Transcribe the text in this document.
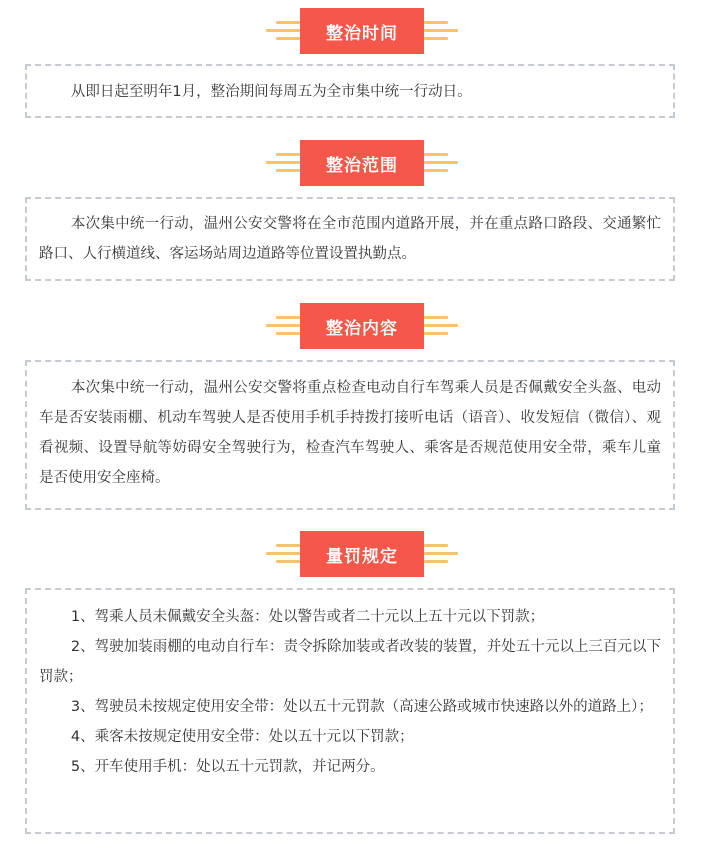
整治时间

从即日起至明年1月，整治期间每周五为全市集中统一行动日。

整治范围

本次集中统一行动，温州公安交警将在全市范围内道路开展，并在重点路口路段、交通繁忙路口、人行横道线、客运场站周边道路等位置设置执勤点。

整治内容

本次集中统一行动，温州公安交警将重点检查电动自行车驾乘人员是否佩戴安全头盔、电动车是否安装雨棚、机动车驾驶人是否使用手机手持拨打接听电话（语音）、收发短信（微信）、观看视频、设置导航等妨碍安全驾驶行为，检查汽车驾驶人、乘客是否规范使用安全带，乘车儿童是否使用安全座椅。

量罚规定

1、驾乘人员未佩戴安全头盔：处以警告或者二十元以上五十元以下罚款；

2、驾驶加装雨棚的电动自行车：责令拆除加装或者改装的装置，并处五十元以上三百元以下罚款；

3、驾驶员未按规定使用安全带：处以五十元罚款（高速公路或城市快速路以外的道路上）；

4、乘客未按规定使用安全带：处以五十元以下罚款；

5、开车使用手机：处以五十元罚款，并记两分。
